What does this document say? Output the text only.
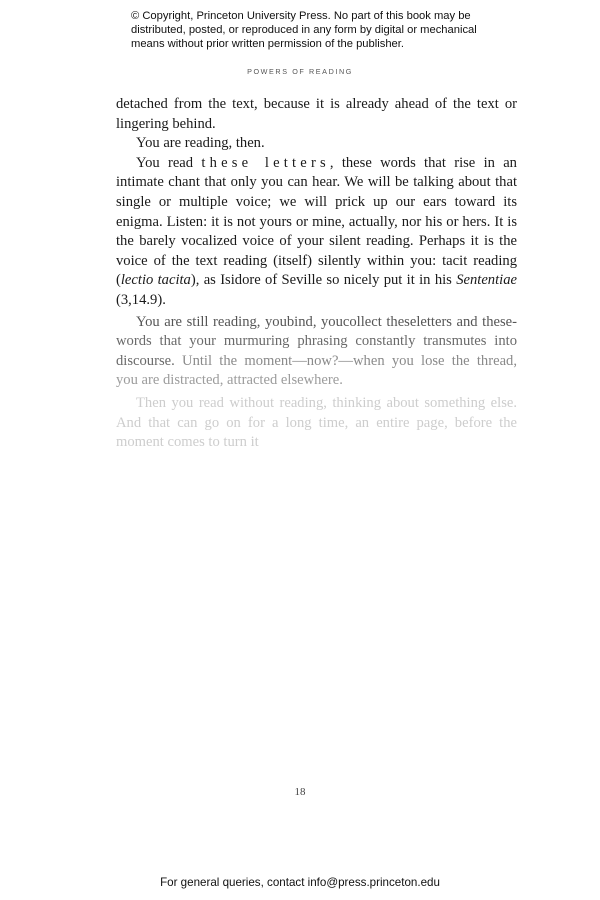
© Copyright, Princeton University Press. No part of this book may be distributed, posted, or reproduced in any form by digital or mechanical means without prior written permission of the publisher.
POWERS OF READING

detached from the text, because it is already ahead of the text or lingering behind.

You are reading, then.

You read these letters, these words that rise in an intimate chant that only you can hear. We will be talking about that single or multiple voice; we will prick up our ears toward its enigma. Listen: it is not yours or mine, actually, nor his or hers. It is the barely vocalized voice of your silent reading. Perhaps it is the voice of the text reading (itself) silently within you: tacit reading (lectio tacita), as Isidore of Seville so nicely put it in his Sententiae (3,14.9).

You are still reading, youbind, youcollect theseletters and these- words that your murmuring phrasing constantly transmutes into discourse. Until the moment—now?—when you lose the thread, you are distracted, attracted elsewhere.

Then you read without reading, thinking about something else. And that can go on for a long time, an entire page, before the moment comes to turn it

18
For general queries, contact info@press.princeton.edu
